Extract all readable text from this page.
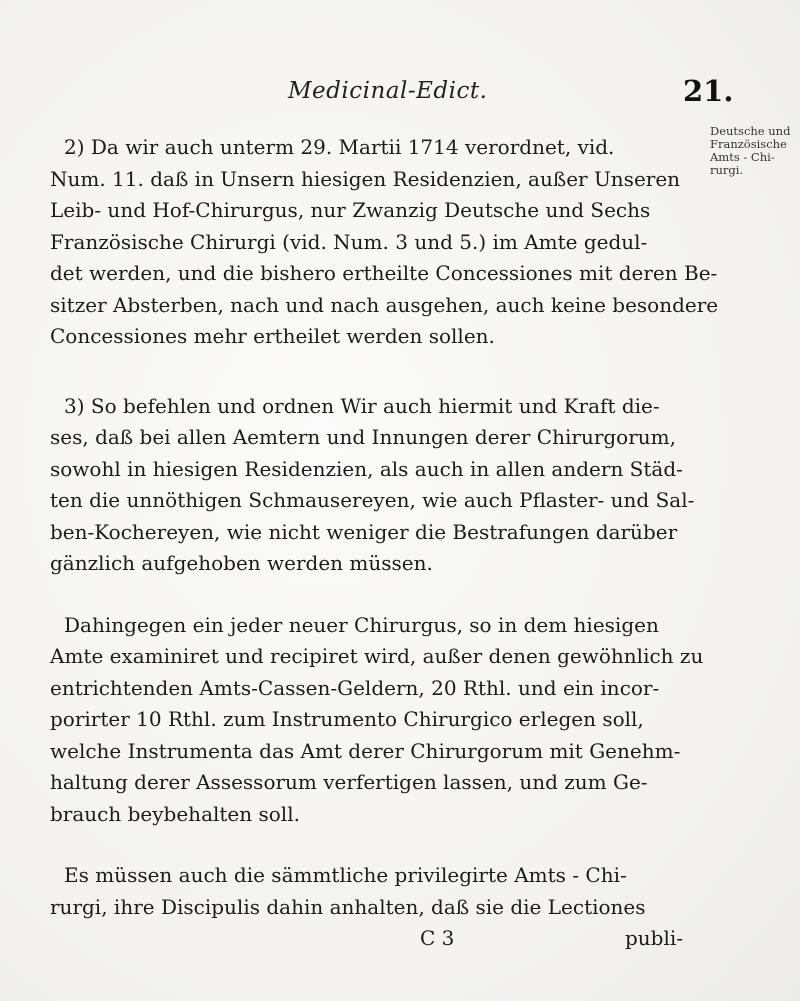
Medicinal-Edict.	21.
Deutsche und
Französische
Amts - Chi-
rurgi.
2) Da wir auch unterm 29. Martii 1714 verordnet, vid.
Num. 11. daß in Unsern hiesigen Residenzien, außer Unseren
Leib- und Hof-Chirurgus, nur Zwanzig Deutsche und Sechs
Französische Chirurgi (vid. Num. 3 und 5.) im Amte gedul-
det werden, und die bishero ertheilte Concessiones mit deren Be-
sitzer Absterben, nach und nach ausgehen, auch keine besondere
Concessiones mehr ertheilet werden sollen.
3) So befehlen und ordnen Wir auch hiermit und Kraft die-
ses, daß bei allen Aemtern und Innungen derer Chirurgorum,
sowohl in hiesigen Residenzien, als auch in allen andern Städ-
ten die unnöthigen Schmausereyen, wie auch Pflaster- und Sal-
ben-Kochereyen, wie nicht weniger die Bestrafungen darüber
gänzlich aufgehoben werden müssen.
Dahingegen ein jeder neuer Chirurgus, so in dem hiesigen
Amte examiniret und recipiret wird, außer denen gewöhnlich zu
entrichtenden Amts-Cassen-Geldern, 20 Rthl. und ein incor-
porirter 10 Rthl. zum Instrumento Chirurgico erlegen soll,
welche Instrumenta das Amt derer Chirurgorum mit Genehm-
haltung derer Assessorum verfertigen lassen, und zum Ge-
brauch beybehalten soll.
Es müssen auch die sämmtliche privilegirte Amts - Chi-
rurgi, ihre Discipulis dahin anhalten, daß sie die Lectiones
C 3	publi-
